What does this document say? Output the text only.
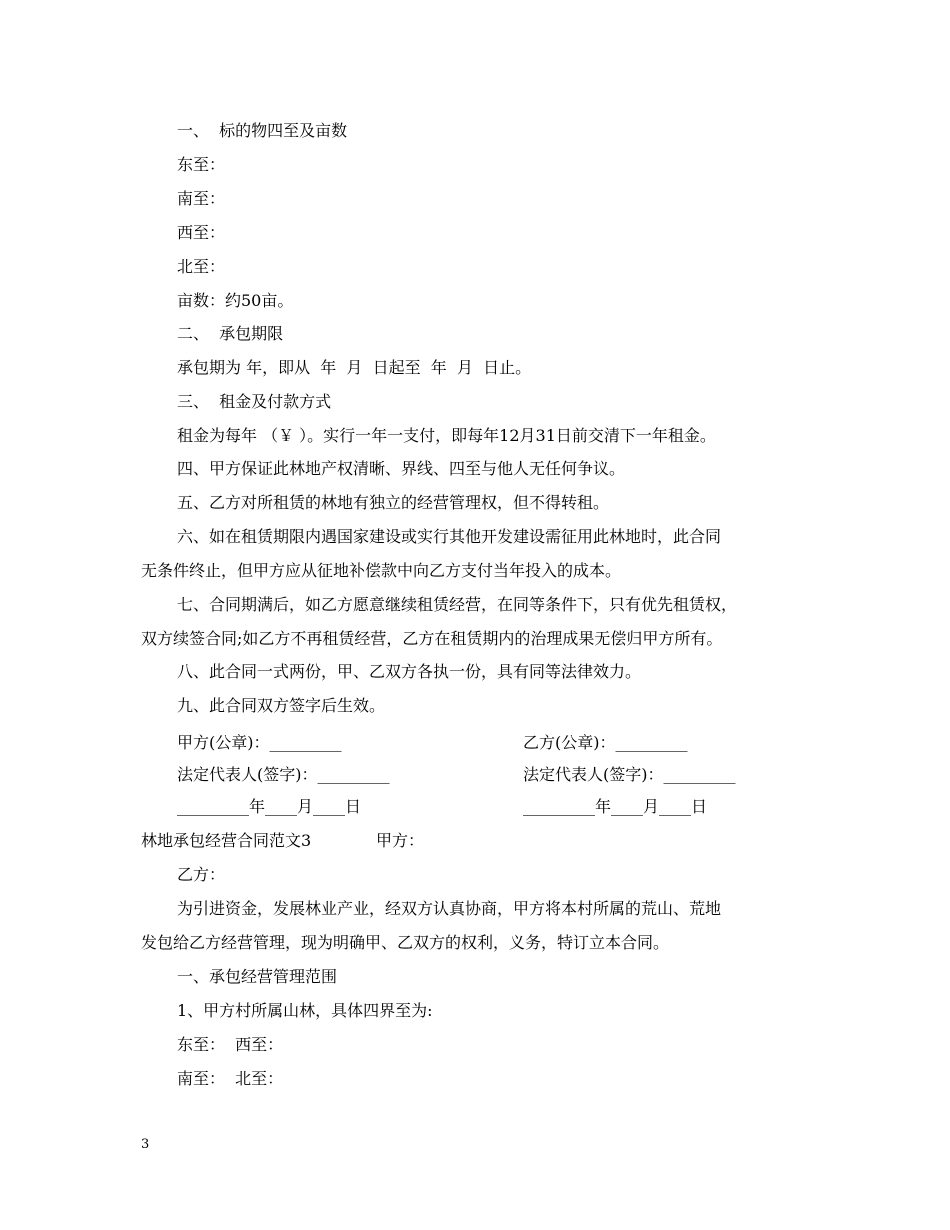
一、  标的物四至及亩数
东至：
南至：
西至：
北至：
亩数：约50亩。
二、  承包期限
承包期为 年，即从  年  月  日起至  年  月  日止。
三、  租金及付款方式
租金为每年 （￥ ）。实行一年一支付，即每年12月31日前交清下一年租金。
四、甲方保证此林地产权清晰、界线、四至与他人无任何争议。
五、乙方对所租赁的林地有独立的经营管理权，但不得转租。
六、如在租赁期限内遇国家建设或实行其他开发建设需征用此林地时，此合同
无条件终止，但甲方应从征地补偿款中向乙方支付当年投入的成本。
七、合同期满后，如乙方愿意继续租赁经营，在同等条件下，只有优先租赁权，
双方续签合同;如乙方不再租赁经营，乙方在租赁期内的治理成果无偿归甲方所有。
八、此合同一式两份，甲、乙双方各执一份，具有同等法律效力。
九、此合同双方签字后生效。
甲方(公章)：_________	乙方(公章)：_________
法定代表人(签字)：_________	法定代表人(签字)：_________
_________年____月____日	_________年____月____日
林地承包经营合同范文3	甲方：
乙方：
为引进资金，发展林业产业，经双方认真协商，甲方将本村所属的荒山、荒地
发包给乙方经营管理，现为明确甲、乙双方的权利，义务，特订立本合同。
一、承包经营管理范围
1、甲方村所属山林，具体四界至为:
东至：  西至：
南至：  北至：
3
